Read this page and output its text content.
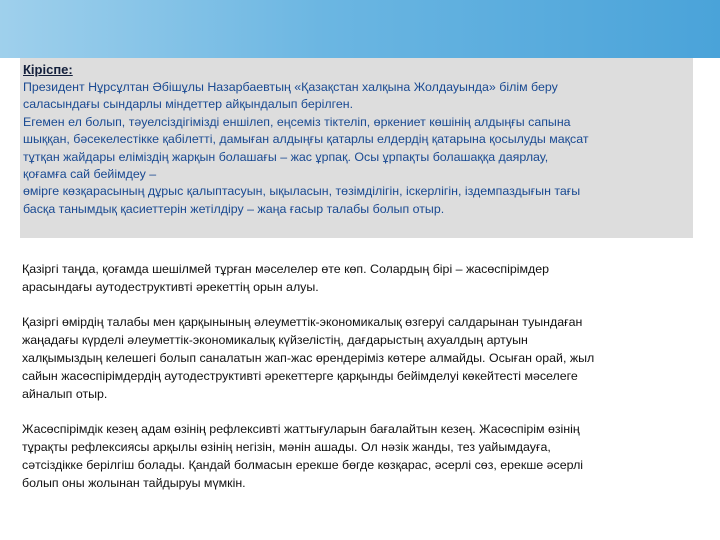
Кіріспе:
Президент Нұрсұлтан Әбішұлы Назарбаевтың «Қазақстан халқына Жолдауында» білім беру
саласындағы сындарлы міндеттер айқындалып берілген.
Егемен ел болып, тәуелсіздігімізді еншілеп, еңсеміз тіктеліп, өркениет көшінің алдыңғы сапына
шыққан, бәсекелестікке қабілетті, дамыған алдыңғы қатарлы елдердің қатарына қосылуды мақсат
тұтқан жайдары еліміздің жарқын болашағы – жас ұрпақ. Осы ұрпақты болашаққа даярлау,
қоғамға сай бейімдеу –
өмірге көзқарасының дұрыс қалыптасуын, ықыласын, төзімділігін, іскерлігін, іздемпаздығын тағы
басқа танымдық қасиеттерін жетілдіру – жаңа ғасыр талабы болып отыр.
Қазіргі таңда, қоғамда шешілмей тұрған мәселелер өте көп. Солардың бірі – жасөспірімдер
арасындағы аутодеструктивті әрекеттің орын алуы.
Қазіргі өмірдің талабы мен қарқынының әлеуметтік-экономикалық өзгеруі салдарынан туындаған
жаңадағы күрделі әлеуметтік-экономикалық күйзелістің, дағдарыстың ахуалдың артуын
халқымыздың келешегі болып саналатын жап-жас өрендеріміз көтере алмайды. Осыған орай, жыл
сайын жасөспірімдердің аутодеструктивті әрекеттерге қарқынды бейімделуі көкейтесті мәселеге
айналып отыр.
Жасөспірімдік кезең адам өзінің рефлексивті жаттығуларын бағалайтын кезең. Жасөспірім өзінің
тұрақты рефлексиясы арқылы өзінің негізін, мәнін ашады. Ол нәзік жанды, тез уайымдауға,
сәтсіздікке берілгіш болады. Қандай болмасын ерекше бөгде көзқарас, әсерлі сөз, ерекше әсерлі
болып оны жолынан тайдыруы мүмкін.
